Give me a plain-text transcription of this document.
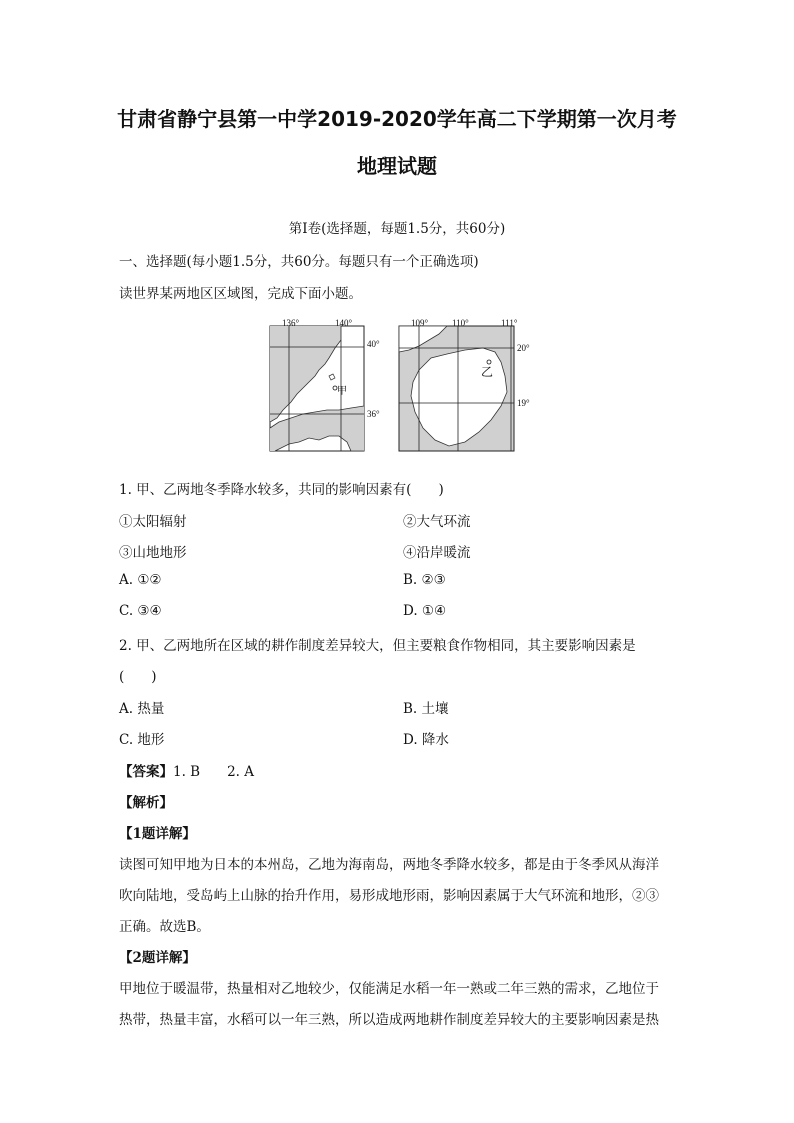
甘肃省静宁县第一中学2019-2020学年高二下学期第一次月考
地理试题
第Ⅰ卷(选择题，每题1.5分，共60分)
一、选择题(每小题1.5分，共60分。每题只有一个正确选项)
读世界某两地区区域图，完成下面小题。
136°	140°
40°
36°
甲
109°	110°	111°
20°
19°
乙
1. 甲、乙两地冬季降水较多，共同的影响因素有(　　)
①太阳辐射	②大气环流
③山地地形	④沿岸暖流
A. ①②	B. ②③
C. ③④	D. ①④
2. 甲、乙两地所在区域的耕作制度差异较大，但主要粮食作物相同，其主要影响因素是
(　　)
A. 热量	B. 土壤
C. 地形	D. 降水
【答案】1. B　　2. A
【解析】
【1题详解】
读图可知甲地为日本的本州岛，乙地为海南岛，两地冬季降水较多，都是由于冬季风从海洋
吹向陆地，受岛屿上山脉的抬升作用，易形成地形雨，影响因素属于大气环流和地形，②③
正确。故选B。
【2题详解】
甲地位于暖温带，热量相对乙地较少，仅能满足水稻一年一熟或二年三熟的需求，乙地位于
热带，热量丰富，水稻可以一年三熟，所以造成两地耕作制度差异较大的主要影响因素是热
